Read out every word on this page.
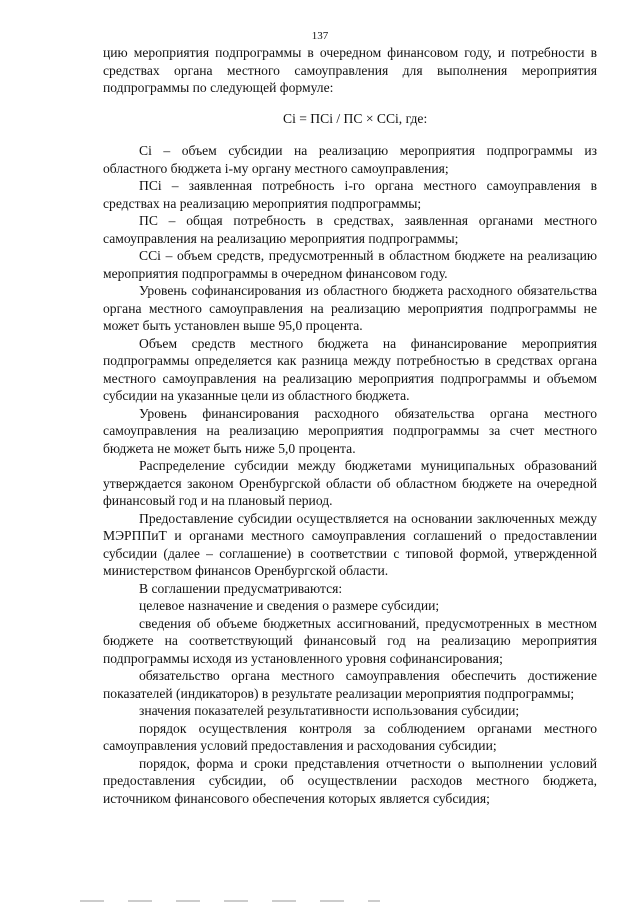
137

цию мероприятия подпрограммы в очередном финансовом году, и потребности в средствах органа местного самоуправления для выполнения мероприятия подпрограммы по следующей формуле:

Ci = ПCi / ПС × CCi, где:

Ci – объем субсидии на реализацию мероприятия подпрограммы из областного бюджета i-му органу местного самоуправления;

ПCi – заявленная потребность i-го органа местного самоуправления в средствах на реализацию мероприятия подпрограммы;

ПС – общая потребность в средствах, заявленная органами местного самоуправления на реализацию мероприятия подпрограммы;

CCi – объем средств, предусмотренный в областном бюджете на реализацию мероприятия подпрограммы в очередном финансовом году.

Уровень софинансирования из областного бюджета расходного обязательства органа местного самоуправления на реализацию мероприятия подпрограммы не может быть установлен выше 95,0 процента.

Объем средств местного бюджета на финансирование мероприятия подпрограммы определяется как разница между потребностью в средствах органа местного самоуправления на реализацию мероприятия подпрограммы и объемом субсидии на указанные цели из областного бюджета.

Уровень финансирования расходного обязательства органа местного самоуправления на реализацию мероприятия подпрограммы за счет местного бюджета не может быть ниже 5,0 процента.

Распределение субсидии между бюджетами муниципальных образований утверждается законом Оренбургской области об областном бюджете на очередной финансовый год и на плановый период.

Предоставление субсидии осуществляется на основании заключенных между МЭРППиТ и органами местного самоуправления соглашений о предоставлении субсидии (далее – соглашение) в соответствии с типовой формой, утвержденной министерством финансов Оренбургской области.

В соглашении предусматриваются:

целевое назначение и сведения о размере субсидии;

сведения об объеме бюджетных ассигнований, предусмотренных в местном бюджете на соответствующий финансовый год на реализацию мероприятия подпрограммы исходя из установленного уровня софинансирования;

обязательство органа местного самоуправления обеспечить достижение показателей (индикаторов) в результате реализации мероприятия подпрограммы;

значения показателей результативности использования субсидии;

порядок осуществления контроля за соблюдением органами местного самоуправления условий предоставления и расходования субсидии;

порядок, форма и сроки представления отчетности о выполнении условий предоставления субсидии, об осуществлении расходов местного бюджета, источником финансового обеспечения которых является субсидия;
